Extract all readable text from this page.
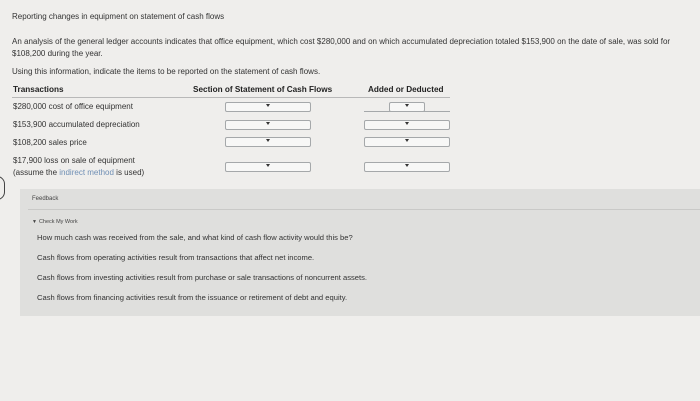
Reporting changes in equipment on statement of cash flows
An analysis of the general ledger accounts indicates that office equipment, which cost $280,000 and on which accumulated depreciation totaled $153,900 on the date of sale, was sold for $108,200 during the year.
Using this information, indicate the items to be reported on the statement of cash flows.
Transactions	Section of Statement of Cash Flows	Added or Deducted
$280,000 cost of office equipment
$153,900 accumulated depreciation
$108,200 sales price
$17,900 loss on sale of equipment
(assume the indirect method is used)
Feedback
▼ Check My Work
How much cash was received from the sale, and what kind of cash flow activity would this be?
Cash flows from operating activities result from transactions that affect net income.
Cash flows from investing activities result from purchase or sale transactions of noncurrent assets.
Cash flows from financing activities result from the issuance or retirement of debt and equity.
